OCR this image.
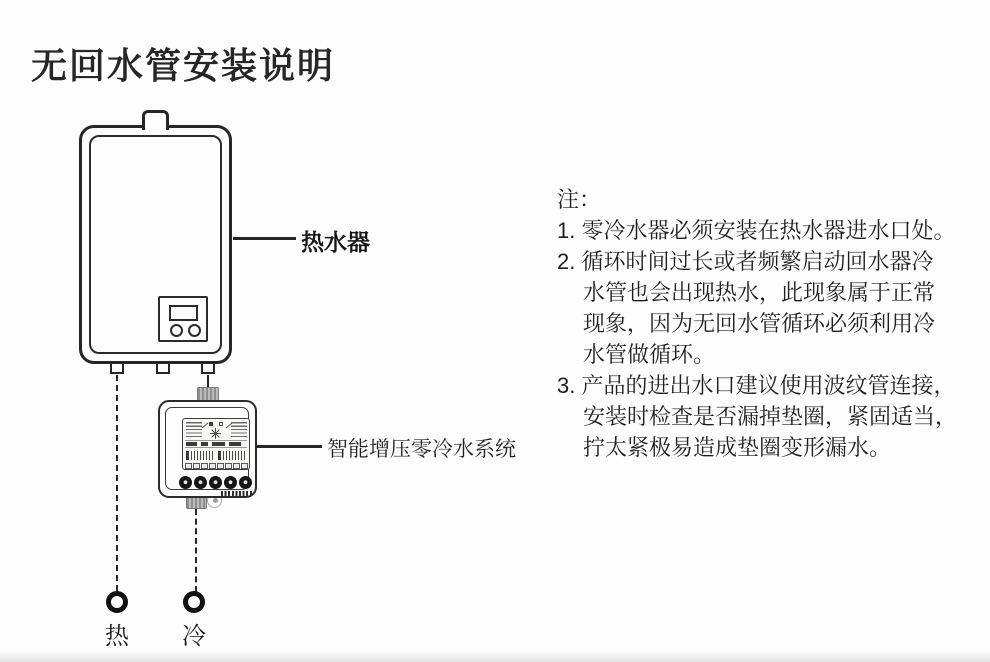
无回水管安装说明
热水器
智能增压零冷水系统
热 冷
注：
1. 零冷水器必须安装在热水器进水口处。
2. 循环时间过长或者频繁启动回水器冷
水管也会出现热水，此现象属于正常
现象，因为无回水管循环必须利用冷
水管做循环。
3. 产品的进出水口建议使用波纹管连接，
安装时检查是否漏掉垫圈，紧固适当，
拧太紧极易造成垫圈变形漏水。
